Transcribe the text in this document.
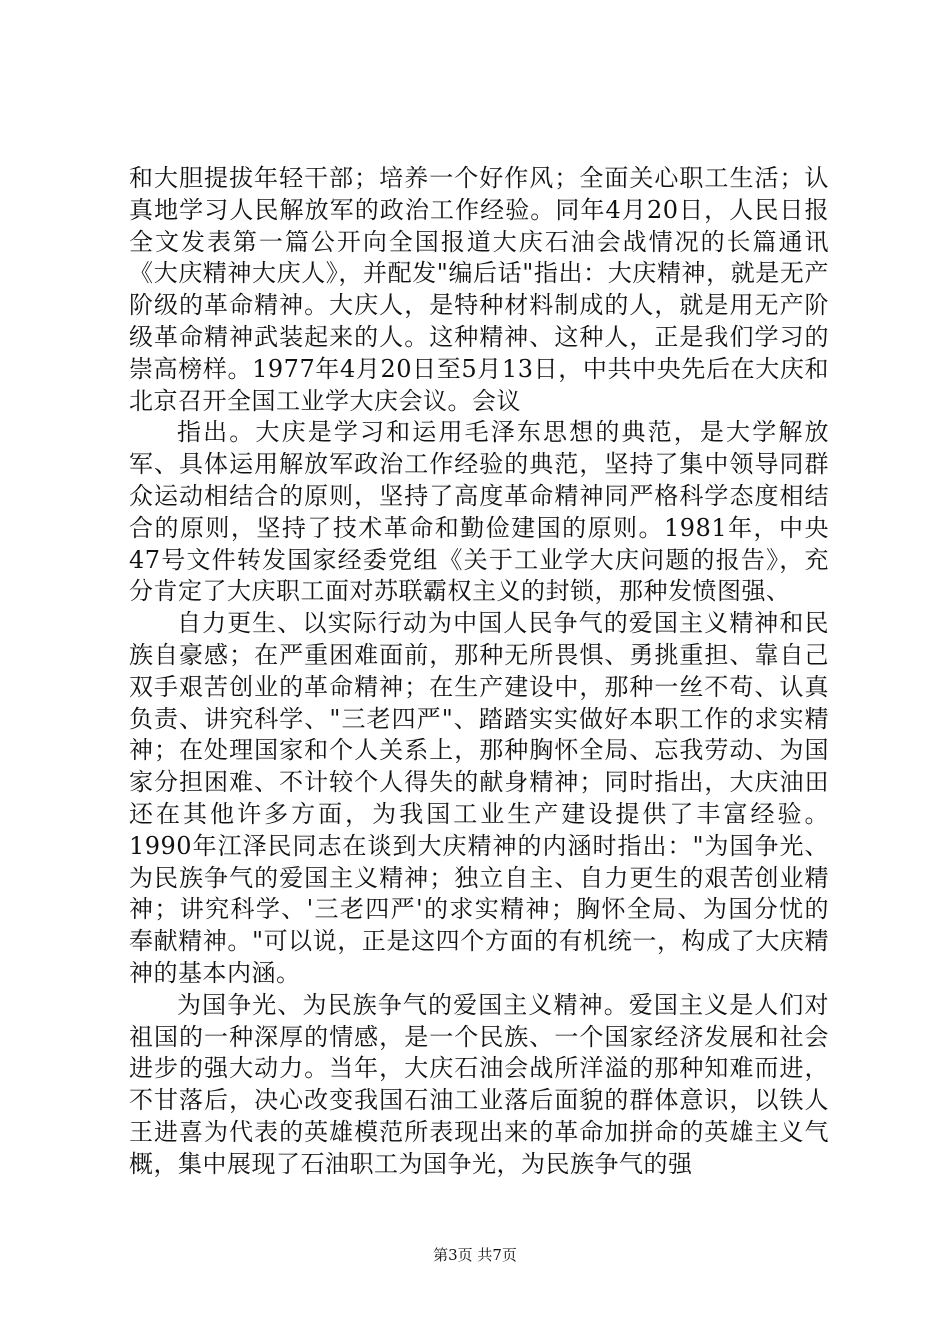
和大胆提拔年轻干部；培养一个好作风；全面关心职工生活；认真地学习人民解放军的政治工作经验。同年4月20日，人民日报全文发表第一篇公开向全国报道大庆石油会战情况的长篇通讯《大庆精神大庆人》，并配发"编后话"指出：大庆精神，就是无产阶级的革命精神。大庆人，是特种材料制成的人，就是用无产阶级革命精神武装起来的人。这种精神、这种人，正是我们学习的崇高榜样。1977年4月20日至5月13日，中共中央先后在大庆和北京召开全国工业学大庆会议。会议

指出。大庆是学习和运用毛泽东思想的典范，是大学解放军、具体运用解放军政治工作经验的典范，坚持了集中领导同群众运动相结合的原则，坚持了高度革命精神同严格科学态度相结合的原则，坚持了技术革命和勤俭建国的原则。1981年，中央47号文件转发国家经委党组《关于工业学大庆问题的报告》，充分肯定了大庆职工面对苏联霸权主义的封锁，那种发愤图强、

自力更生、以实际行动为中国人民争气的爱国主义精神和民族自豪感；在严重困难面前，那种无所畏惧、勇挑重担、靠自己双手艰苦创业的革命精神；在生产建设中，那种一丝不苟、认真负责、讲究科学、"三老四严"、踏踏实实做好本职工作的求实精神；在处理国家和个人关系上，那种胸怀全局、忘我劳动、为国家分担困难、不计较个人得失的献身精神；同时指出，大庆油田还在其他许多方面，为我国工业生产建设提供了丰富经验。1990年江泽民同志在谈到大庆精神的内涵时指出："为国争光、为民族争气的爱国主义精神；独立自主、自力更生的艰苦创业精神；讲究科学、'三老四严'的求实精神；胸怀全局、为国分忧的奉献精神。"可以说，正是这四个方面的有机统一，构成了大庆精神的基本内涵。

为国争光、为民族争气的爱国主义精神。爱国主义是人们对祖国的一种深厚的情感，是一个民族、一个国家经济发展和社会进步的强大动力。当年，大庆石油会战所洋溢的那种知难而进，不甘落后，决心改变我国石油工业落后面貌的群体意识，以铁人王进喜为代表的英雄模范所表现出来的革命加拼命的英雄主义气概，集中展现了石油职工为国争光，为民族争气的强

第3页 共7页
